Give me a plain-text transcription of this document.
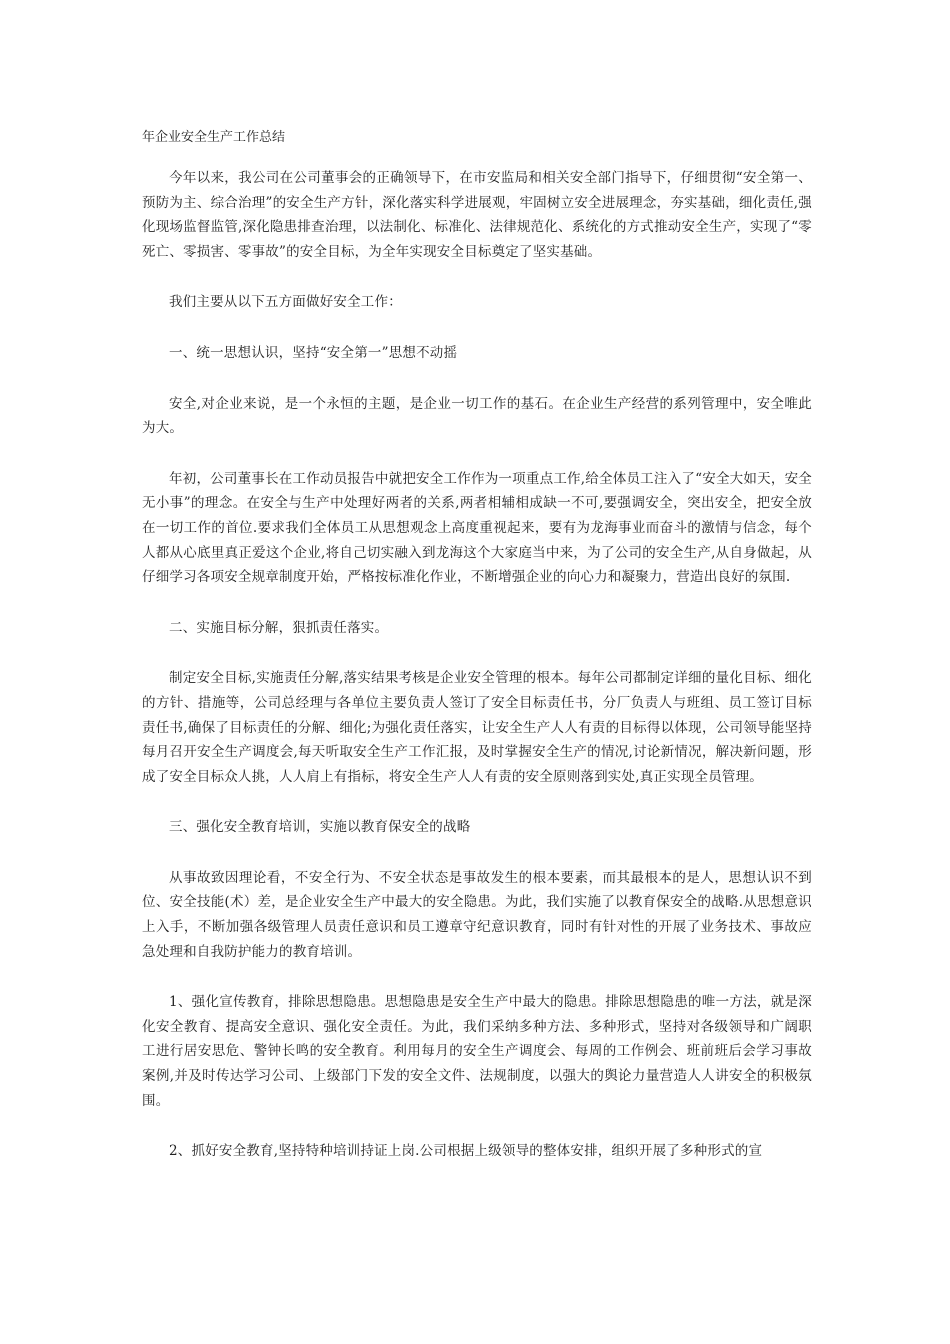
年企业安全生产工作总结

今年以来，我公司在公司董事会的正确领导下，在市安监局和相关安全部门指导下，仔细贯彻“安全第一、预防为主、综合治理”的安全生产方针，深化落实科学进展观，牢固树立安全进展理念，夯实基础，细化责任,强化现场监督监管,深化隐患排查治理，以法制化、标准化、法律规范化、系统化的方式推动安全生产，实现了“零死亡、零损害、零事故”的安全目标，为全年实现安全目标奠定了坚实基础。

我们主要从以下五方面做好安全工作：

一、统一思想认识，坚持“安全第一”思想不动摇

安全,对企业来说，是一个永恒的主题，是企业一切工作的基石。在企业生产经营的系列管理中，安全唯此为大。

年初，公司董事长在工作动员报告中就把安全工作作为一项重点工作,给全体员工注入了“安全大如天，安全无小事”的理念。在安全与生产中处理好两者的关系,两者相辅相成缺一不可,要强调安全，突出安全，把安全放在一切工作的首位.要求我们全体员工从思想观念上高度重视起来，要有为龙海事业而奋斗的激情与信念，每个人都从心底里真正爱这个企业,将自己切实融入到龙海这个大家庭当中来，为了公司的安全生产,从自身做起，从仔细学习各项安全规章制度开始，严格按标准化作业，不断增强企业的向心力和凝聚力，营造出良好的氛围.

二、实施目标分解，狠抓责任落实。

制定安全目标,实施责任分解,落实结果考核是企业安全管理的根本。每年公司都制定详细的量化目标、细化的方针、措施等，公司总经理与各单位主要负责人签订了安全目标责任书，分厂负责人与班组、员工签订目标责任书,确保了目标责任的分解、细化;为强化责任落实，让安全生产人人有责的目标得以体现，公司领导能坚持每月召开安全生产调度会,每天听取安全生产工作汇报，及时掌握安全生产的情况,讨论新情况，解决新问题，形成了安全目标众人挑，人人肩上有指标，将安全生产人人有责的安全原则落到实处,真正实现全员管理。

三、强化安全教育培训，实施以教育保安全的战略

从事故致因理论看，不安全行为、不安全状态是事故发生的根本要素，而其最根本的是人，思想认识不到位、安全技能(术）差，是企业安全生产中最大的安全隐患。为此，我们实施了以教育保安全的战略.从思想意识上入手，不断加强各级管理人员责任意识和员工遵章守纪意识教育，同时有针对性的开展了业务技术、事故应急处理和自我防护能力的教育培训。

1、强化宣传教育，排除思想隐患。思想隐患是安全生产中最大的隐患。排除思想隐患的唯一方法，就是深化安全教育、提高安全意识、强化安全责任。为此，我们采纳多种方法、多种形式，坚持对各级领导和广阔职工进行居安思危、警钟长鸣的安全教育。利用每月的安全生产调度会、每周的工作例会、班前班后会学习事故案例,并及时传达学习公司、上级部门下发的安全文件、法规制度，以强大的舆论力量营造人人讲安全的积极氛围。

2、抓好安全教育,坚持特种培训持证上岗.公司根据上级领导的整体安排，组织开展了多种形式的宣
